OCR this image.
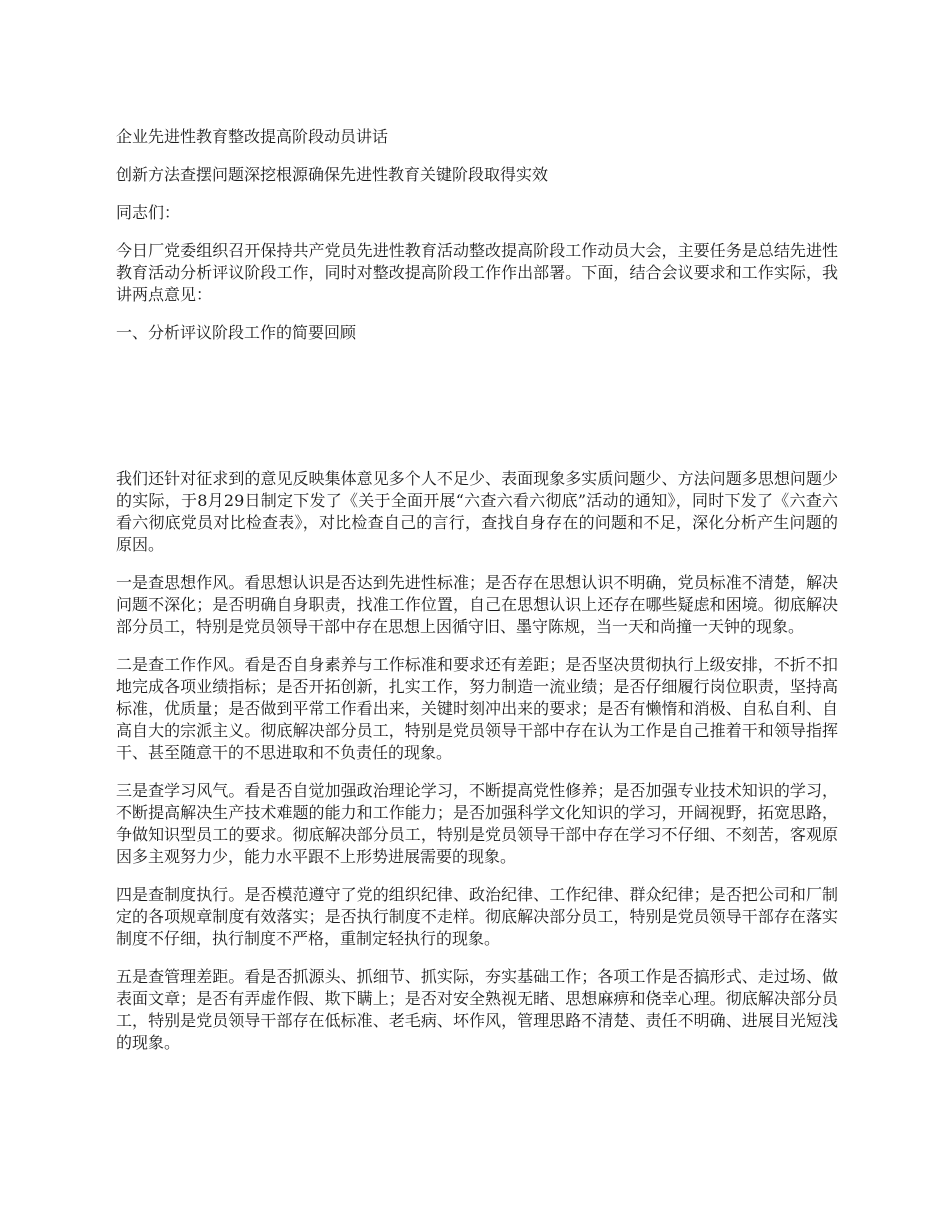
企业先进性教育整改提高阶段动员讲话

创新方法查摆问题深挖根源确保先进性教育关键阶段取得实效

同志们：

今日厂党委组织召开保持共产党员先进性教育活动整改提高阶段工作动员大会，主要任务是总结先进性教育活动分析评议阶段工作，同时对整改提高阶段工作作出部署。下面，结合会议要求和工作实际，我讲两点意见：

一、分析评议阶段工作的简要回顾

我们还针对征求到的意见反映集体意见多个人不足少、表面现象多实质问题少、方法问题多思想问题少的实际，于8月29日制定下发了《关于全面开展“六查六看六彻底”活动的通知》，同时下发了《六查六看六彻底党员对比检查表》，对比检查自己的言行，查找自身存在的问题和不足，深化分析产生问题的原因。

一是查思想作风。看思想认识是否达到先进性标准；是否存在思想认识不明确，党员标准不清楚，解决问题不深化；是否明确自身职责，找准工作位置，自己在思想认识上还存在哪些疑虑和困境。彻底解决部分员工，特别是党员领导干部中存在思想上因循守旧、墨守陈规，当一天和尚撞一天钟的现象。

二是查工作作风。看是否自身素养与工作标准和要求还有差距；是否坚决贯彻执行上级安排，不折不扣地完成各项业绩指标；是否开拓创新，扎实工作，努力制造一流业绩；是否仔细履行岗位职责，坚持高标准，优质量；是否做到平常工作看出来，关键时刻冲出来的要求；是否有懒惰和消极、自私自利、自高自大的宗派主义。彻底解决部分员工，特别是党员领导干部中存在认为工作是自己推着干和领导指挥干、甚至随意干的不思进取和不负责任的现象。

三是查学习风气。看是否自觉加强政治理论学习，不断提高党性修养；是否加强专业技术知识的学习，不断提高解决生产技术难题的能力和工作能力；是否加强科学文化知识的学习，开阔视野，拓宽思路，争做知识型员工的要求。彻底解决部分员工，特别是党员领导干部中存在学习不仔细、不刻苦，客观原因多主观努力少，能力水平跟不上形势进展需要的现象。

四是查制度执行。是否模范遵守了党的组织纪律、政治纪律、工作纪律、群众纪律；是否把公司和厂制定的各项规章制度有效落实；是否执行制度不走样。彻底解决部分员工，特别是党员领导干部存在落实制度不仔细，执行制度不严格，重制定轻执行的现象。

五是查管理差距。看是否抓源头、抓细节、抓实际，夯实基础工作；各项工作是否搞形式、走过场、做表面文章；是否有弄虚作假、欺下瞒上；是否对安全熟视无睹、思想麻痹和侥幸心理。彻底解决部分员工，特别是党员领导干部存在低标准、老毛病、坏作风，管理思路不清楚、责任不明确、进展目光短浅的现象。
